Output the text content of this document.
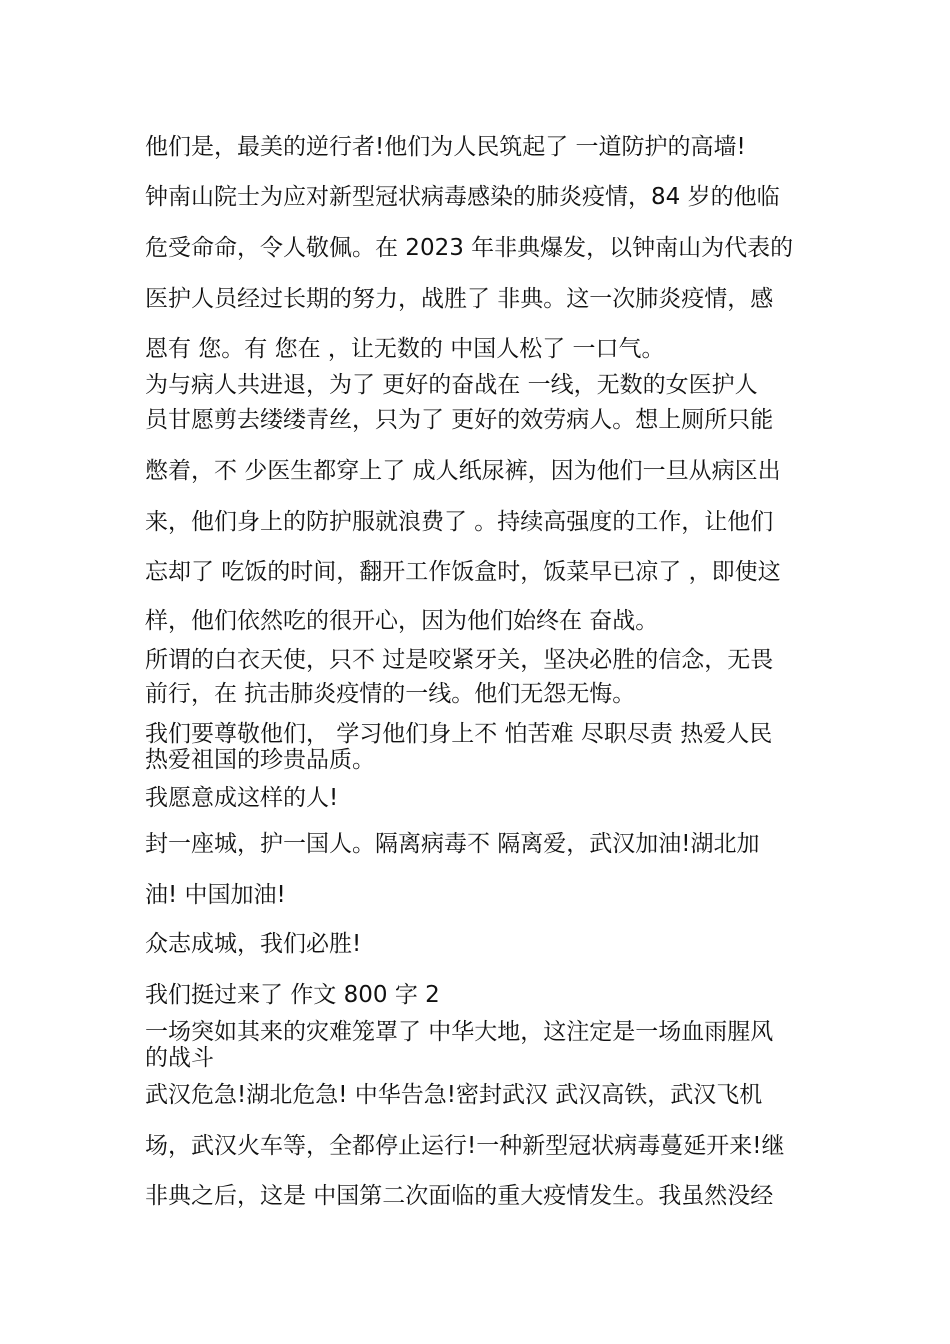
他们是，最美的逆行者!他们为人民筑起了 一道防护的高墙!
钟南山院士为应对新型冠状病毒感染的肺炎疫情，84 岁的他临
危受命命，令人敬佩。在 2023 年非典爆发，以钟南山为代表的
医护人员经过长期的努力，战胜了 非典。这一次肺炎疫情，感
恩有 您。有 您在 ，让无数的 中国人松了 一口气。
为与病人共进退，为了 更好的奋战在 一线，无数的女医护人
员甘愿剪去缕缕青丝，只为了 更好的效劳病人。想上厕所只能
憋着，不 少医生都穿上了 成人纸尿裤，因为他们一旦从病区出
来，他们身上的防护服就浪费了 。持续高强度的工作，让他们
忘却了 吃饭的时间，翻开工作饭盒时，饭菜早已凉了 ，即使这
样，他们依然吃的很开心，因为他们始终在 奋战。
所谓的白衣天使，只不 过是咬紧牙关，坚决必胜的信念，无畏
前行，在 抗击肺炎疫情的一线。他们无怨无悔。
我们要尊敬他们， 学习他们身上不 怕苦难 尽职尽责 热爱人民
热爱祖国的珍贵品质。
我愿意成这样的人!
封一座城，护一国人。隔离病毒不 隔离爱，武汉加油!湖北加
油! 中国加油!
众志成城，我们必胜!
我们挺过来了 作文 800 字 2
一场突如其来的灾难笼罩了 中华大地，这注定是一场血雨腥风
的战斗
武汉危急!湖北危急! 中华告急!密封武汉 武汉高铁，武汉飞机
场，武汉火车等，全都停止运行!一种新型冠状病毒蔓延开来!继
非典之后，这是 中国第二次面临的重大疫情发生。我虽然没经
